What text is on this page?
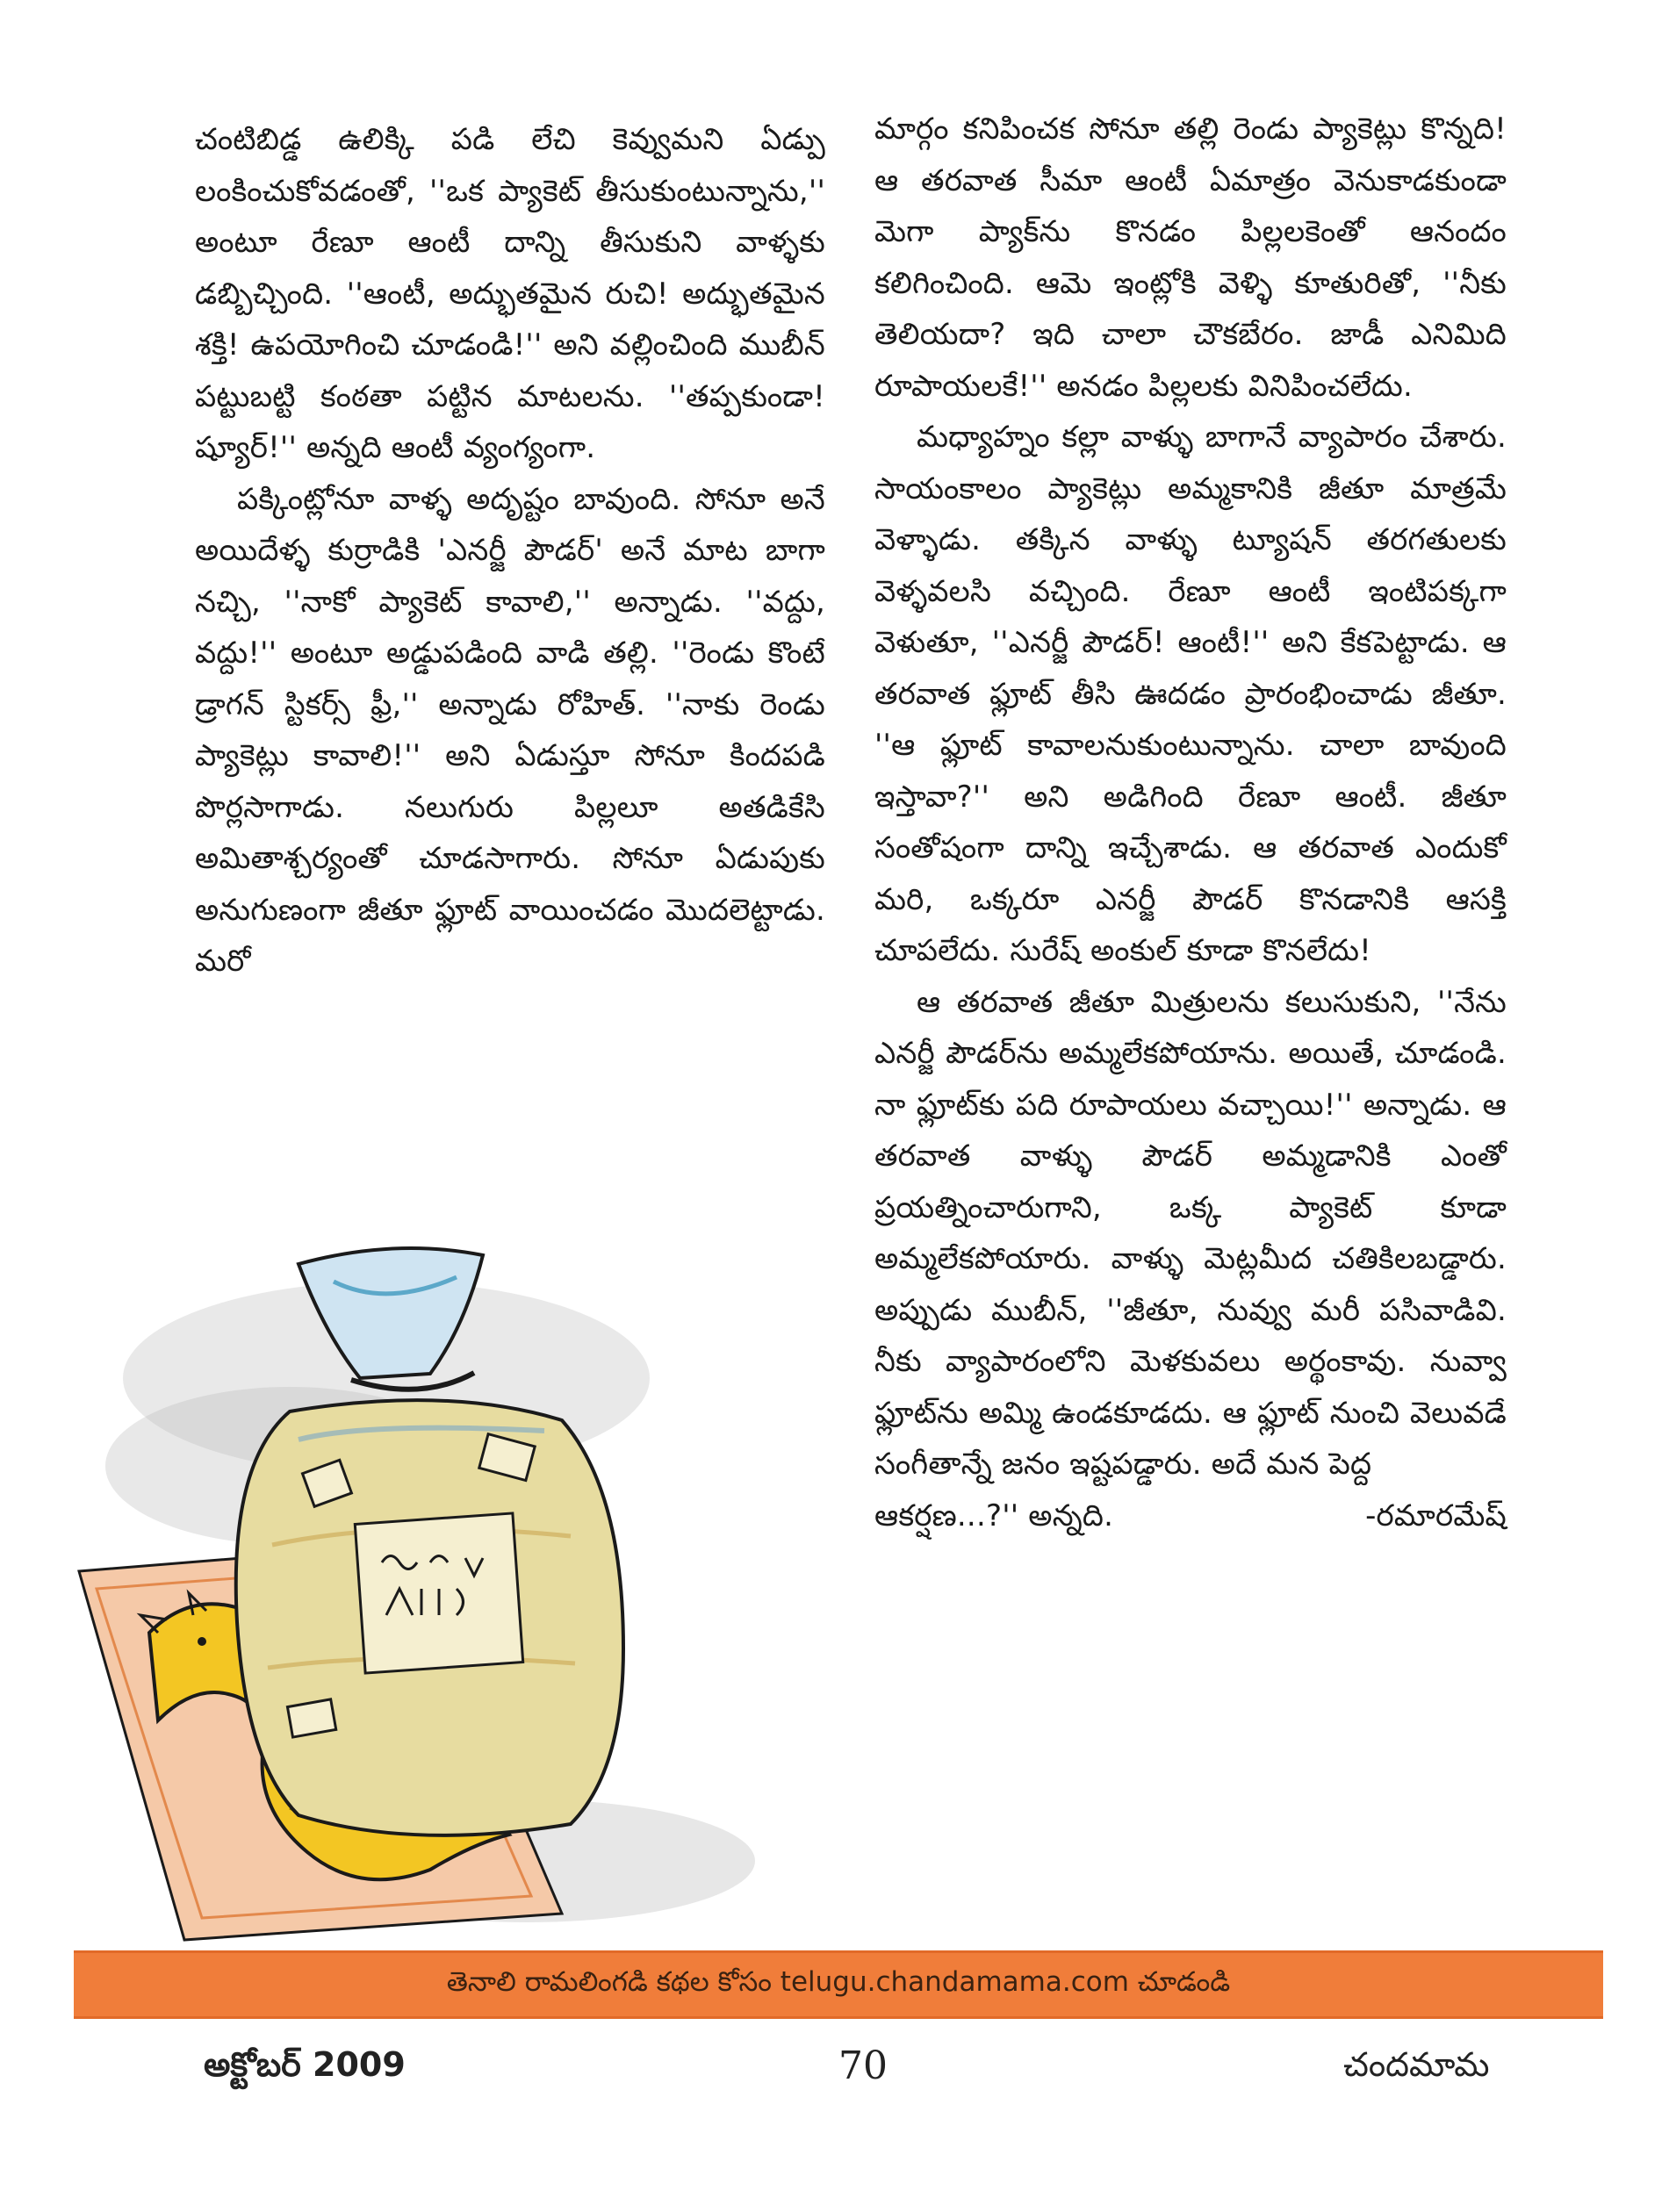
చంటిబిడ్డ ఉలిక్కి పడి లేచి కెవ్వుమని ఏడ్పు లంకించుకోవడంతో, ''ఒక ప్యాకెట్ తీసుకుంటున్నాను,'' అంటూ రేణూ ఆంటీ దాన్ని తీసుకుని వాళ్ళకు డబ్బిచ్చింది. ''ఆంటీ, అద్భుతమైన రుచి! అద్భుతమైన శక్తి! ఉపయోగించి చూడండి!'' అని వల్లించింది ముబీన్ పట్టుబట్టి కంఠతా పట్టిన మాటలను. ''తప్పకుండా! ష్యూర్!'' అన్నది ఆంటీ వ్యంగ్యంగా.

పక్కింట్లోనూ వాళ్ళ అదృష్టం బావుంది. సోనూ అనే అయిదేళ్ళ కుర్రాడికి 'ఎనర్జీ పౌడర్' అనే మాట బాగా నచ్చి, ''నాకో ప్యాకెట్ కావాలి,'' అన్నాడు. ''వద్దు, వద్దు!'' అంటూ అడ్డుపడింది వాడి తల్లి. ''రెండు కొంటే డ్రాగన్ స్టికర్స్ ఫ్రీ,'' అన్నాడు రోహిత్. ''నాకు రెండు ప్యాకెట్లు కావాలి!'' అని ఏడుస్తూ సోనూ కిందపడి పొర్లసాగాడు. నలుగురు పిల్లలూ అతడికేసి అమితాశ్చర్యంతో చూడసాగారు. సోనూ ఏడుపుకు అనుగుణంగా జీతూ ఫ్లూట్ వాయించడం మొదలెట్టాడు. మరో

మార్గం కనిపించక సోనూ తల్లి రెండు ప్యాకెట్లు కొన్నది! ఆ తరవాత సీమా ఆంటీ ఏమాత్రం వెనుకాడకుండా మెగా ప్యాక్‌ను కొనడం పిల్లలకెంతో ఆనందం కలిగించింది. ఆమె ఇంట్లోకి వెళ్ళి కూతురితో, ''నీకు తెలియదా? ఇది చాలా చౌకబేరం. జాడీ ఎనిమిది రూపాయలకే!'' అనడం పిల్లలకు వినిపించలేదు.

మధ్యాహ్నం కల్లా వాళ్ళు బాగానే వ్యాపారం చేశారు. సాయంకాలం ప్యాకెట్లు అమ్మకానికి జీతూ మాత్రమే వెళ్ళాడు. తక్కిన వాళ్ళు ట్యూషన్ తరగతులకు వెళ్ళవలసి వచ్చింది. రేణూ ఆంటీ ఇంటిపక్కగా వెళుతూ, ''ఎనర్జీ పౌడర్! ఆంటీ!'' అని కేకపెట్టాడు. ఆ తరవాత ఫ్లూట్ తీసి ఊదడం ప్రారంభించాడు జీతూ. ''ఆ ఫ్లూట్ కావాలనుకుంటున్నాను. చాలా బావుంది ఇస్తావా?'' అని అడిగింది రేణూ ఆంటీ. జీతూ సంతోషంగా దాన్ని ఇచ్చేశాడు. ఆ తరవాత ఎందుకో మరి, ఒక్కరూ ఎనర్జీ పౌడర్ కొనడానికి ఆసక్తి చూపలేదు. సురేష్ అంకుల్ కూడా కొనలేదు!

ఆ తరవాత జీతూ మిత్రులను కలుసుకుని, ''నేను ఎనర్జీ పౌడర్‌ను అమ్మలేకపోయాను. అయితే, చూడండి. నా ఫ్లూట్‌కు పది రూపాయలు వచ్చాయి!'' అన్నాడు. ఆ తరవాత వాళ్ళు పౌడర్ అమ్మడానికి ఎంతో ప్రయత్నించారుగాని, ఒక్క ప్యాకెట్ కూడా అమ్మలేకపోయారు. వాళ్ళు మెట్లమీద చతికిలబడ్డారు. అప్పుడు ముబీన్, ''జీతూ, నువ్వు మరీ పసివాడివి. నీకు వ్యాపారంలోని మెళకువలు అర్థంకావు. నువ్వా ఫ్లూట్‌ను అమ్మి ఉండకూడదు. ఆ ఫ్లూట్ నుంచి వెలువడే సంగీతాన్నే జనం ఇష్టపడ్డారు. అదే మన పెద్ద

ఆకర్షణ...?'' అన్నది.	-రమారమేష్
తెనాలి రామలింగడి కథల కోసం telugu.chandamama.com చూడండి
అక్టోబర్ 2009	70	చందమామ
